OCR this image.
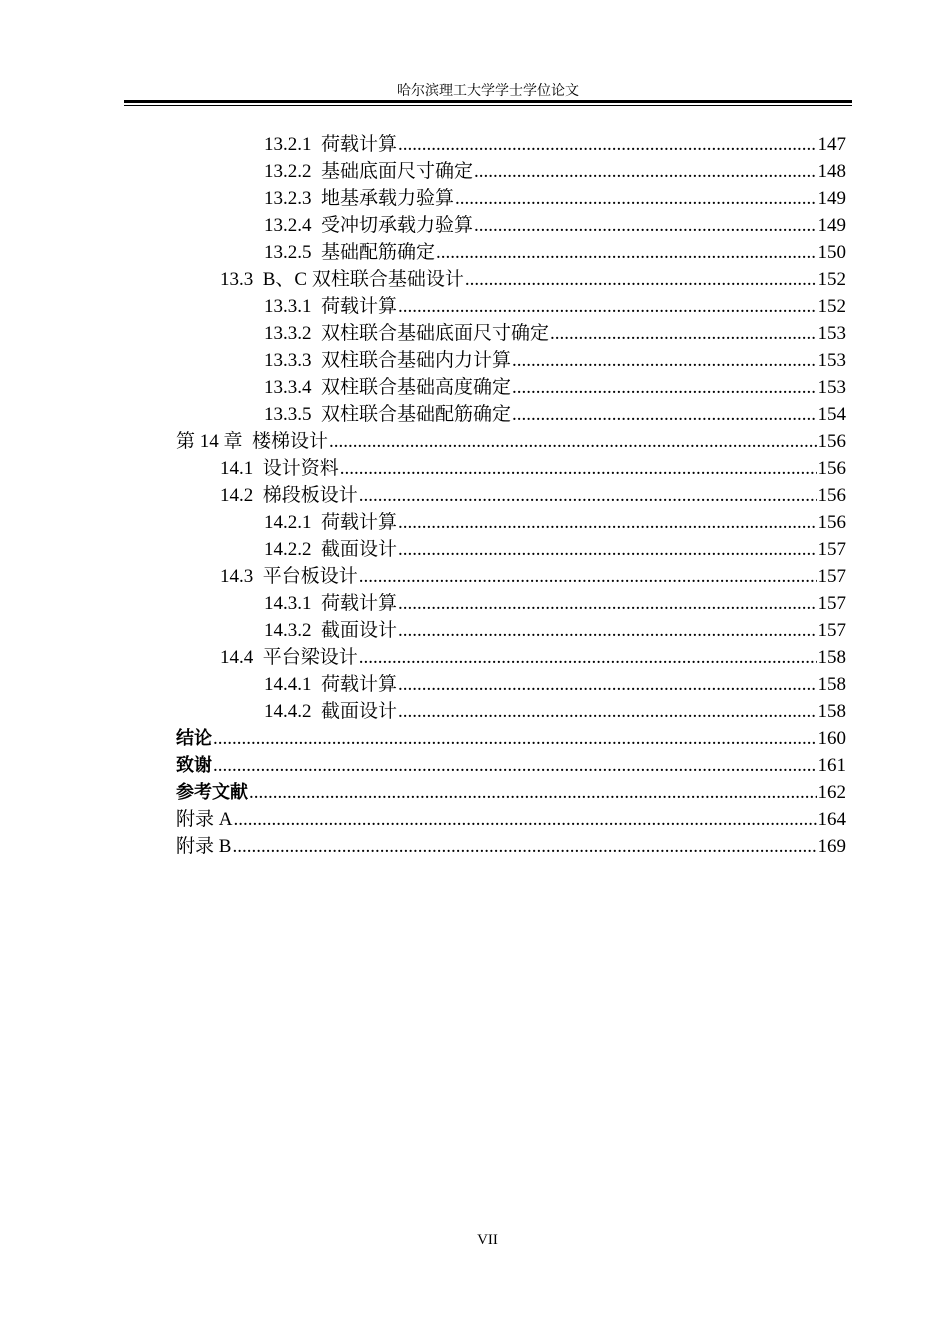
哈尔滨理工大学学士学位论文
13.2.1  荷载计算 .....	147
13.2.2  基础底面尺寸确定 .....	148
13.2.3  地基承载力验算 .....	149
13.2.4  受冲切承载力验算 .....	149
13.2.5  基础配筋确定 .....	150
13.3  B、C 双柱联合基础设计 .....	152
13.3.1  荷载计算 .....	152
13.3.2  双柱联合基础底面尺寸确定 .....	153
13.3.3  双柱联合基础内力计算 .....	153
13.3.4  双柱联合基础高度确定 .....	153
13.3.5  双柱联合基础配筋确定 .....	154
第 14 章  楼梯设计 .....	156
14.1  设计资料 .....	156
14.2  梯段板设计 .....	156
14.2.1  荷载计算 .....	156
14.2.2  截面设计 .....	157
14.3  平台板设计 .....	157
14.3.1  荷载计算 .....	157
14.3.2  截面设计 .....	157
14.4  平台梁设计 .....	158
14.4.1  荷载计算 .....	158
14.4.2  截面设计 .....	158
结论 .....	160
致谢 .....	161
参考文献 .....	162
附录 A .....	164
附录 B .....	169
VII
